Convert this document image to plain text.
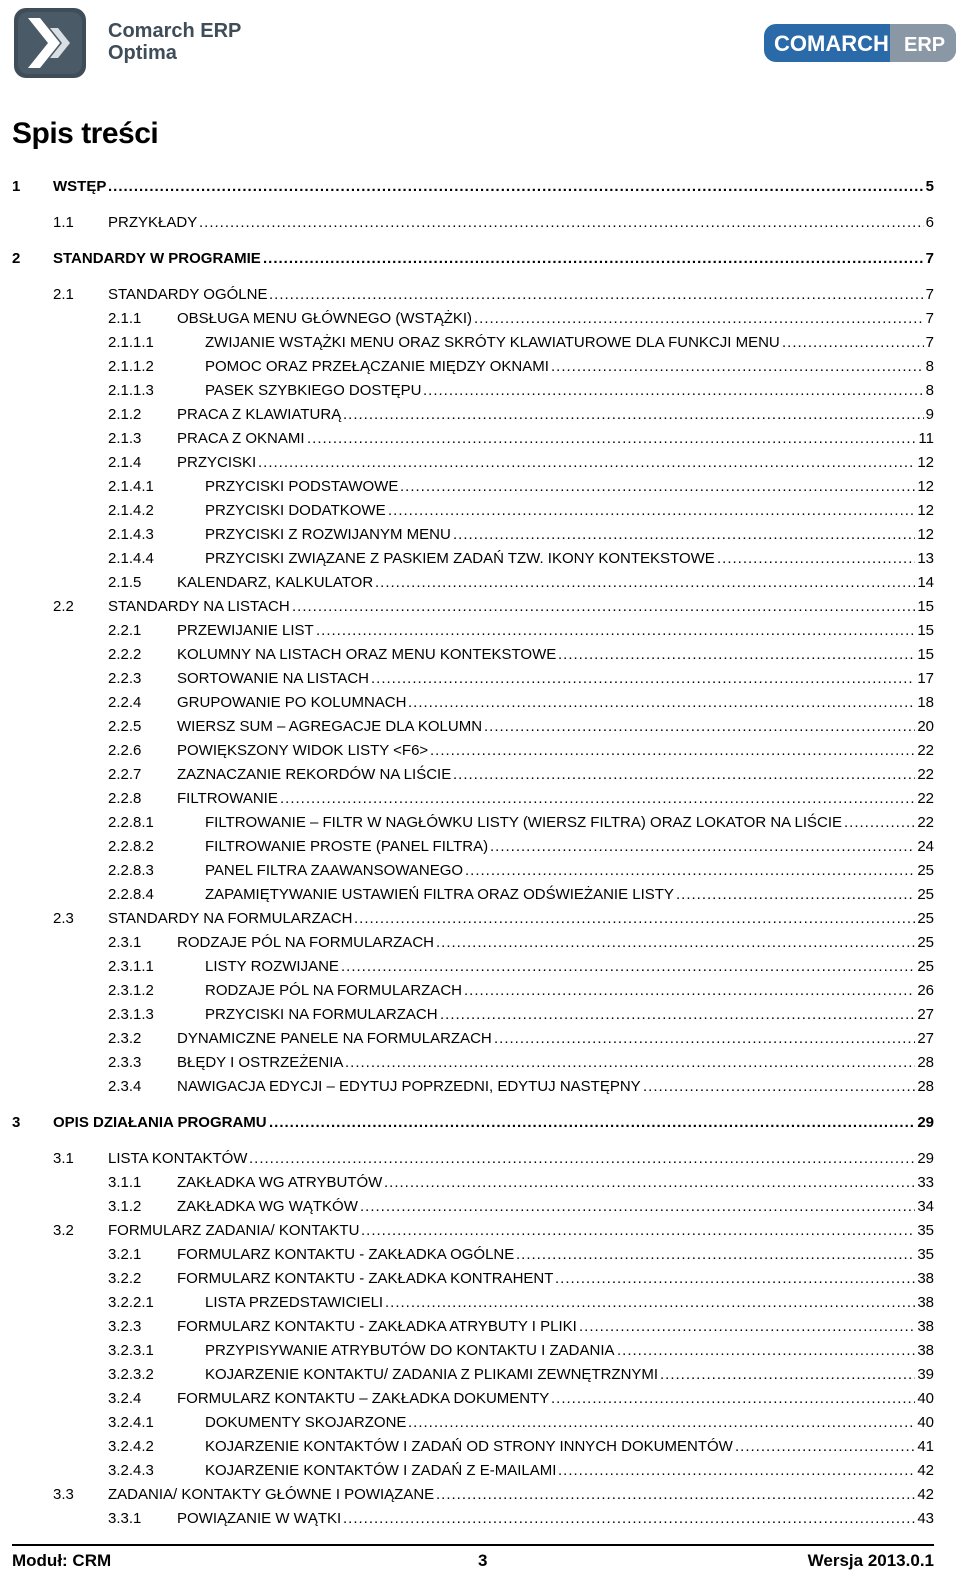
Comarch ERP
Optima	COMARCH ERP
Spis treści
1 WSTĘP .....	5
1.1 PRZYKŁADY .....	6
2 STANDARDY W PROGRAMIE .....	7
2.1 STANDARDY OGÓLNE .....	7
2.1.1 OBSŁUGA MENU GŁÓWNEGO (WSTĄŻKI) .....	7
2.1.1.1	ZWIJANIE WSTĄŻKI MENU ORAZ SKRÓTY KLAWIATUROWE DLA FUNKCJI MENU .....	7
2.1.1.2	POMOC ORAZ PRZEŁĄCZANIE MIĘDZY OKNAMI .....	8
2.1.1.3	PASEK SZYBKIEGO DOSTĘPU .....	8
2.1.2 PRACA Z KLAWIATURĄ .....	9
2.1.3 PRACA Z OKNAMI .....	11
2.1.4 PRZYCISKI .....	12
2.1.4.1	PRZYCISKI PODSTAWOWE .....	12
2.1.4.2	PRZYCISKI DODATKOWE .....	12
2.1.4.3	PRZYCISKI Z ROZWIJANYM MENU .....	12
2.1.4.4	PRZYCISKI ZWIĄZANE Z PASKIEM ZADAŃ TZW. IKONY KONTEKSTOWE .....	13
2.1.5 KALENDARZ, KALKULATOR .....	14
2.2 STANDARDY NA LISTACH .....	15
2.2.1 PRZEWIJANIE LIST .....	15
2.2.2 KOLUMNY NA LISTACH ORAZ MENU KONTEKSTOWE .....	15
2.2.3 SORTOWANIE NA LISTACH .....	17
2.2.4 GRUPOWANIE PO KOLUMNACH .....	18
2.2.5 WIERSZ SUM – AGREGACJE DLA KOLUMN .....	20
2.2.6 POWIĘKSZONY WIDOK LISTY <F6> .....	22
2.2.7 ZAZNACZANIE REKORDÓW NA LIŚCIE .....	22
2.2.8 FILTROWANIE .....	22
2.2.8.1	FILTROWANIE – FILTR W NAGŁÓWKU LISTY (WIERSZ FILTRA) ORAZ LOKATOR NA LIŚCIE .....	22
2.2.8.2	FILTROWANIE PROSTE (PANEL FILTRA) .....	24
2.2.8.3	PANEL FILTRA ZAAWANSOWANEGO .....	25
2.2.8.4	ZAPAMIĘTYWANIE USTAWIEŃ FILTRA ORAZ ODŚWIEŻANIE LISTY .....	25
2.3 STANDARDY NA FORMULARZACH .....	25
2.3.1 RODZAJE PÓL NA FORMULARZACH .....	25
2.3.1.1	LISTY ROZWIJANE .....	25
2.3.1.2	RODZAJE PÓL NA FORMULARZACH .....	26
2.3.1.3	PRZYCISKI NA FORMULARZACH .....	27
2.3.2 DYNAMICZNE PANELE NA FORMULARZACH .....	27
2.3.3 BŁĘDY I OSTRZEŻENIA .....	28
2.3.4 NAWIGACJA EDYCJI – EDYTUJ POPRZEDNI, EDYTUJ NASTĘPNY .....	28
3 OPIS DZIAŁANIA PROGRAMU .....	29
3.1 LISTA KONTAKTÓW .....	29
3.1.1 ZAKŁADKA WG ATRYBUTÓW .....	33
3.1.2 ZAKŁADKA WG WĄTKÓW .....	34
3.2 FORMULARZ ZADANIA/ KONTAKTU .....	35
3.2.1 FORMULARZ KONTAKTU - ZAKŁADKA OGÓLNE .....	35
3.2.2 FORMULARZ KONTAKTU - ZAKŁADKA KONTRAHENT .....	38
3.2.2.1	LISTA PRZEDSTAWICIELI .....	38
3.2.3 FORMULARZ KONTAKTU - ZAKŁADKA ATRYBUTY I PLIKI .....	38
3.2.3.1	PRZYPISYWANIE ATRYBUTÓW DO KONTAKTU I ZADANIA .....	38
3.2.3.2	KOJARZENIE KONTAKTU/ ZADANIA Z PLIKAMI ZEWNĘTRZNYMI .....	39
3.2.4 FORMULARZ KONTAKTU – ZAKŁADKA DOKUMENTY .....	40
3.2.4.1	DOKUMENTY SKOJARZONE .....	40
3.2.4.2	KOJARZENIE KONTAKTÓW I ZADAŃ OD STRONY INNYCH DOKUMENTÓW .....	41
3.2.4.3	KOJARZENIE KONTAKTÓW I ZADAŃ Z E-MAILAMI .....	42
3.3 ZADANIA/ KONTAKTY GŁÓWNE I POWIĄZANE .....	42
3.3.1 POWIĄZANIE W WĄTKI .....	43
Moduł: CRM	3	Wersja 2013.0.1
